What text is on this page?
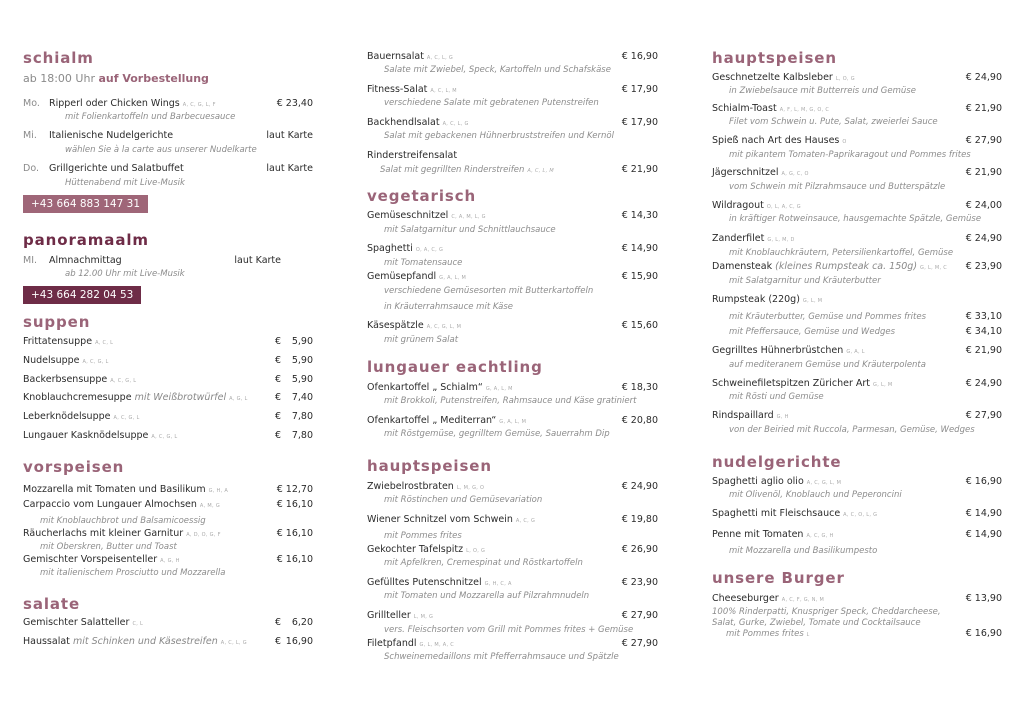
schialm
ab 18:00 Uhr auf Vorbestellung
Mo. Ripperl oder Chicken Wings A, C, G, L, F	€ 23,40
mit Folienkartoffeln und Barbecuesauce
Mi. Italienische Nudelgerichte	laut Karte
wählen Sie à la carte aus unserer Nudelkarte
Do. Grillgerichte und Salatbuffet	laut Karte
Hüttenabend mit Live-Musik
+43 664 883 147 31
panoramaalm
MI. Almnachmittag	laut Karte
ab 12.00 Uhr mit Live-Musik
+43 664 282 04 53
suppen
Frittatensuppe A, C, L	€ 5,90
Nudelsuppe A, C, G, L	€ 5,90
Backerbsensuppe A, C, G, L	€ 5,90
Knoblauchcremesuppe mit Weißbrotwürfel A, G, L	€ 7,40
Leberknödelsuppe A, C, G, L	€ 7,80
Lungauer Kasknödelsuppe A, C, G, L	€ 7,80
vorspeisen
Mozzarella mit Tomaten und Basilikum G, H, A	€ 12,70
Carpaccio vom Lungauer Almochsen A, M, G	€ 16,10
mit Knoblauchbrot und Balsamicoessig
Räucherlachs mit kleiner Garnitur A, D, O, G, F	€ 16,10
mit Oberskren, Butter und Toast
Gemischter Vorspeisenteller A, G, H	€ 16,10
mit italienischem Prosciutto und Mozzarella
salate
Gemischter Salatteller C, L	€ 6,20
Haussalat mit Schinken und Käsestreifen A, C, L, G	€ 16,90
Bauernsalat A, C, L, G	€ 16,90
Salate mit Zwiebel, Speck, Kartoffeln und Schafskäse
Fitness-Salat A, C, L, M	€ 17,90
verschiedene Salate mit gebratenen Putenstreifen
Backhendlsalat A, C, L, G	€ 17,90
Salat mit gebackenen Hühnerbruststreifen und Kernöl
Rinderstreifensalat
Salat mit gegrillten Rinderstreifen A, C, L, M	€ 21,90
vegetarisch
Gemüseschnitzel C, A, M, L, G	€ 14,30
mit Salatgarnitur und Schnittlauchsauce
Spaghetti O, A, C, G	€ 14,90
mit Tomatensauce
Gemüsepfandl G, A, L, M	€ 15,90
verschiedene Gemüsesorten mit Butterkartoffeln
in Kräuterrahmsauce mit Käse
Käsespätzle A, C, G, L, M	€ 15,60
mit grünem Salat
lungauer eachtling
Ofenkartoffel „ Schialm“ G, A, L, M	€ 18,30
mit Brokkoli, Putenstreifen, Rahmsauce und Käse gratiniert
Ofenkartoffel „ Mediterran“ G, A, L, M	€ 20,80
mit Röstgemüse, gegrilltem Gemüse, Sauerrahm Dip
hauptspeisen
Zwiebelrostbraten L, M, G, O	€ 24,90
mit Röstinchen und Gemüsevariation
Wiener Schnitzel vom Schwein A, C, G	€ 19,80
mit Pommes frites
Gekochter Tafelspitz L, O, G	€ 26,90
mit Apfelkren, Cremespinat und Röstkartoffeln
Gefülltes Putenschnitzel G, H, C, A	€ 23,90
mit Tomaten und Mozzarella auf Pilzrahmnudeln
Grillteller L, M, G	€ 27,90
vers. Fleischsorten vom Grill mit Pommes frites + Gemüse
Filetpfandl G, L, M, A, C	€ 27,90
Schweinemedaillons mit Pfefferrahmsauce und Spätzle
hauptspeisen
Geschnetzelte Kalbsleber L, O, G	€ 24,90
in Zwiebelsauce mit Butterreis und Gemüse
Schialm-Toast A, F, L, M, G, O, C	€ 21,90
Filet vom Schwein u. Pute, Salat, zweierlei Sauce
Spieß nach Art des Hauses O	€ 27,90
mit pikantem Tomaten-Paprikaragout und Pommes frites
Jägerschnitzel A, G, C, O	€ 21,90
vom Schwein mit Pilzrahmsauce und Butterspätzle
Wildragout O, L, A, C, G	€ 24,00
in kräftiger Rotweinsauce, hausgemachte Spätzle, Gemüse
Zanderfilet G, L, M, D	€ 24,90
mit Knoblauchkräutern, Petersilienkartoffel, Gemüse
Damensteak (kleines Rumpsteak ca. 150g) G, L, M, C € 23,90
mit Salatgarnitur und Kräuterbutter
Rumpsteak (220g) G, L, M
mit Kräuterbutter, Gemüse und Pommes frites	€ 33,10
mit Pfeffersauce, Gemüse und Wedges	€ 34,10
Gegrilltes Hühnerbrüstchen G, A, L	€ 21,90
auf mediteranem Gemüse und Kräuterpolenta
Schweinefiletspitzen Züricher Art G, L, M	€ 24,90
mit Rösti und Gemüse
Rindspaillard G, H	€ 27,90
von der Beiried mit Ruccola, Parmesan, Gemüse, Wedges
nudelgerichte
Spaghetti aglio olio A, C, G, L, M	€ 16,90
mit Olivenöl, Knoblauch und Peperoncini
Spaghetti mit Fleischsauce A, C, O, L, G	€ 14,90
Penne mit Tomaten A, C, G, H	€ 14,90
mit Mozzarella und Basilikumpesto
unsere Burger
Cheeseburger A, C, F, G, N, M	€ 13,90
100% Rinderpatti, Knuspriger Speck, Cheddarcheese,
Salat, Gurke, Zwiebel, Tomate und Cocktailsauce
mit Pommes frites L	€ 16,90
